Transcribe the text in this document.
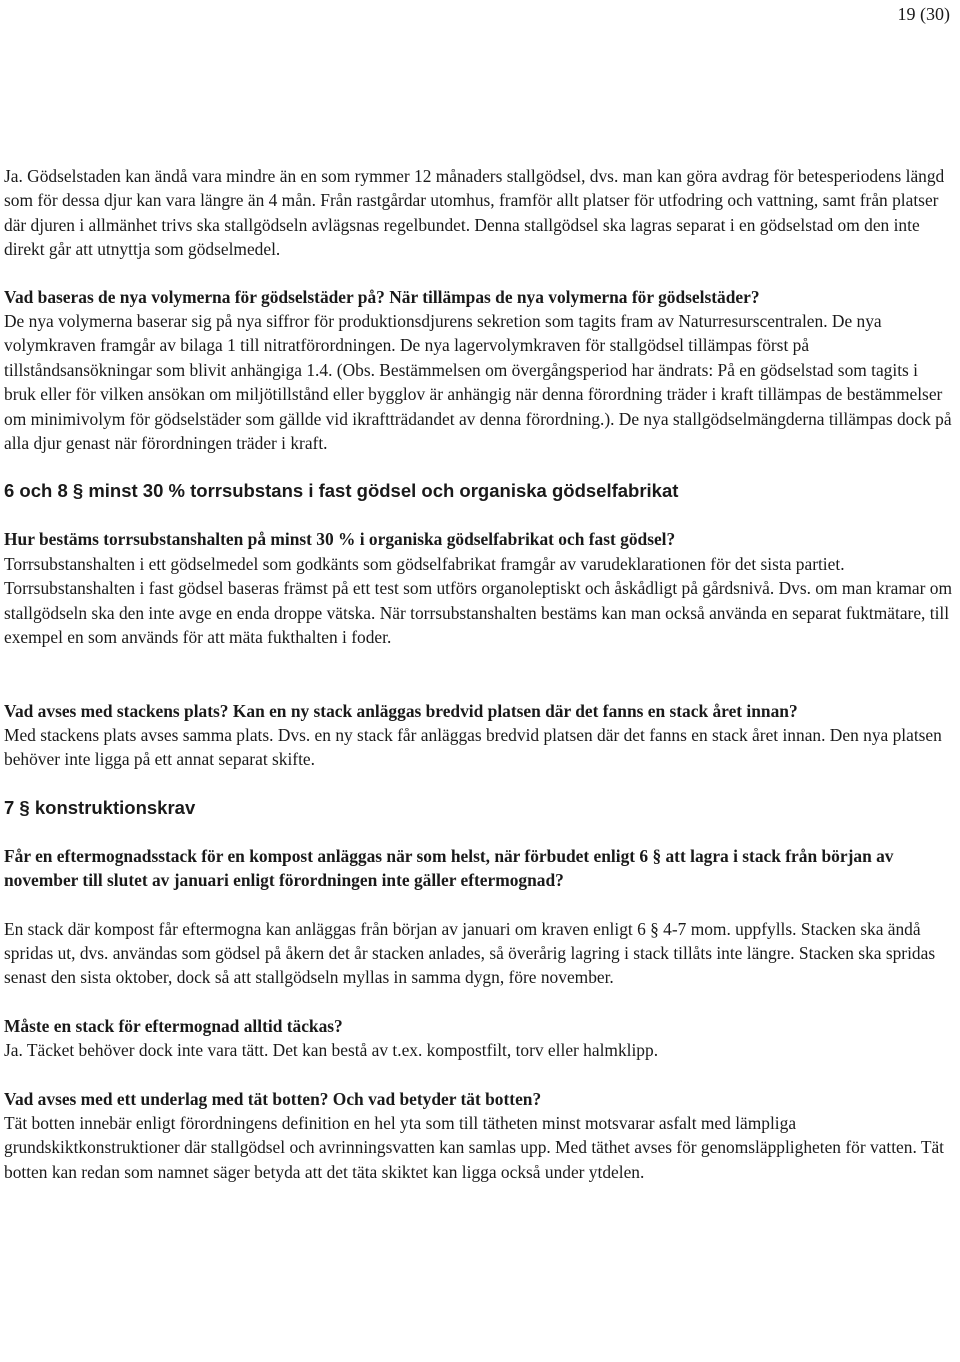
19 (30)

Ja. Gödselstaden kan ändå vara mindre än en som rymmer 12 månaders stallgödsel, dvs. man kan göra avdrag för betesperiodens längd som för dessa djur kan vara längre än 4 mån. Från rastgårdar utomhus, framför allt platser för utfodring och vattning, samt från platser där djuren i allmänhet trivs ska stallgödseln avlägsnas regelbundet. Denna stallgödsel ska lagras separat i en gödselstad om den inte direkt går att utnyttja som gödselmedel.

Vad baseras de nya volymerna för gödselstäder på? När tillämpas de nya volymerna för gödselstäder?

De nya volymerna baserar sig på nya siffror för produktionsdjurens sekretion som tagits fram av Naturresurscentralen. De nya volymkraven framgår av bilaga 1 till nitratförordningen. De nya lagervolymkraven för stallgödsel tillämpas först på tillståndsansökningar som blivit anhängiga 1.4. (Obs. Bestämmelsen om övergångsperiod har ändrats: På en gödselstad som tagits i bruk eller för vilken ansökan om miljötillstånd eller bygglov är anhängig när denna förordning träder i kraft tillämpas de bestämmelser om minimivolym för gödselstäder som gällde vid ikraftträdandet av denna förordning.). De nya stallgödselmängderna tillämpas dock på alla djur genast när förordningen träder i kraft.

6 och 8 § minst 30 % torrsubstans i fast gödsel och organiska gödselfabrikat

Hur bestäms torrsubstanshalten på minst 30 % i organiska gödselfabrikat och fast gödsel?

Torrsubstanshalten i ett gödselmedel som godkänts som gödselfabrikat framgår av varudeklarationen för det sista partiet. Torrsubstanshalten i fast gödsel baseras främst på ett test som utförs organoleptiskt och åskådligt på gårdsnivå. Dvs. om man kramar om stallgödseln ska den inte avge en enda droppe vätska. När torrsubstanshalten bestäms kan man också använda en separat fuktmätare, till exempel en som används för att mäta fukthalten i foder.

Vad avses med stackens plats? Kan en ny stack anläggas bredvid platsen där det fanns en stack året innan?

Med stackens plats avses samma plats. Dvs. en ny stack får anläggas bredvid platsen där det fanns en stack året innan. Den nya platsen behöver inte ligga på ett annat separat skifte.

7 § konstruktionskrav

Får en eftermognadsstack för en kompost anläggas när som helst, när förbudet enligt 6 § att lagra i stack från början av november till slutet av januari enligt förordningen inte gäller eftermognad?

En stack där kompost får eftermogna kan anläggas från början av januari om kraven enligt 6 § 4-7 mom. uppfylls. Stacken ska ändå spridas ut, dvs. användas som gödsel på åkern det år stacken anlades, så överårig lagring i stack tillåts inte längre. Stacken ska spridas senast den sista oktober, dock så att stallgödseln myllas in samma dygn, före november.

Måste en stack för eftermognad alltid täckas?

Ja. Täcket behöver dock inte vara tätt. Det kan bestå av t.ex. kompostfilt, torv eller halmklipp.

Vad avses med ett underlag med tät botten? Och vad betyder tät botten?

Tät botten innebär enligt förordningens definition en hel yta som till tätheten minst motsvarar asfalt med lämpliga grundskiktkonstruktioner där stallgödsel och avrinningsvatten kan samlas upp. Med täthet avses för genomsläppligheten för vatten. Tät botten kan redan som namnet säger betyda att det täta skiktet kan ligga också under ytdelen.
